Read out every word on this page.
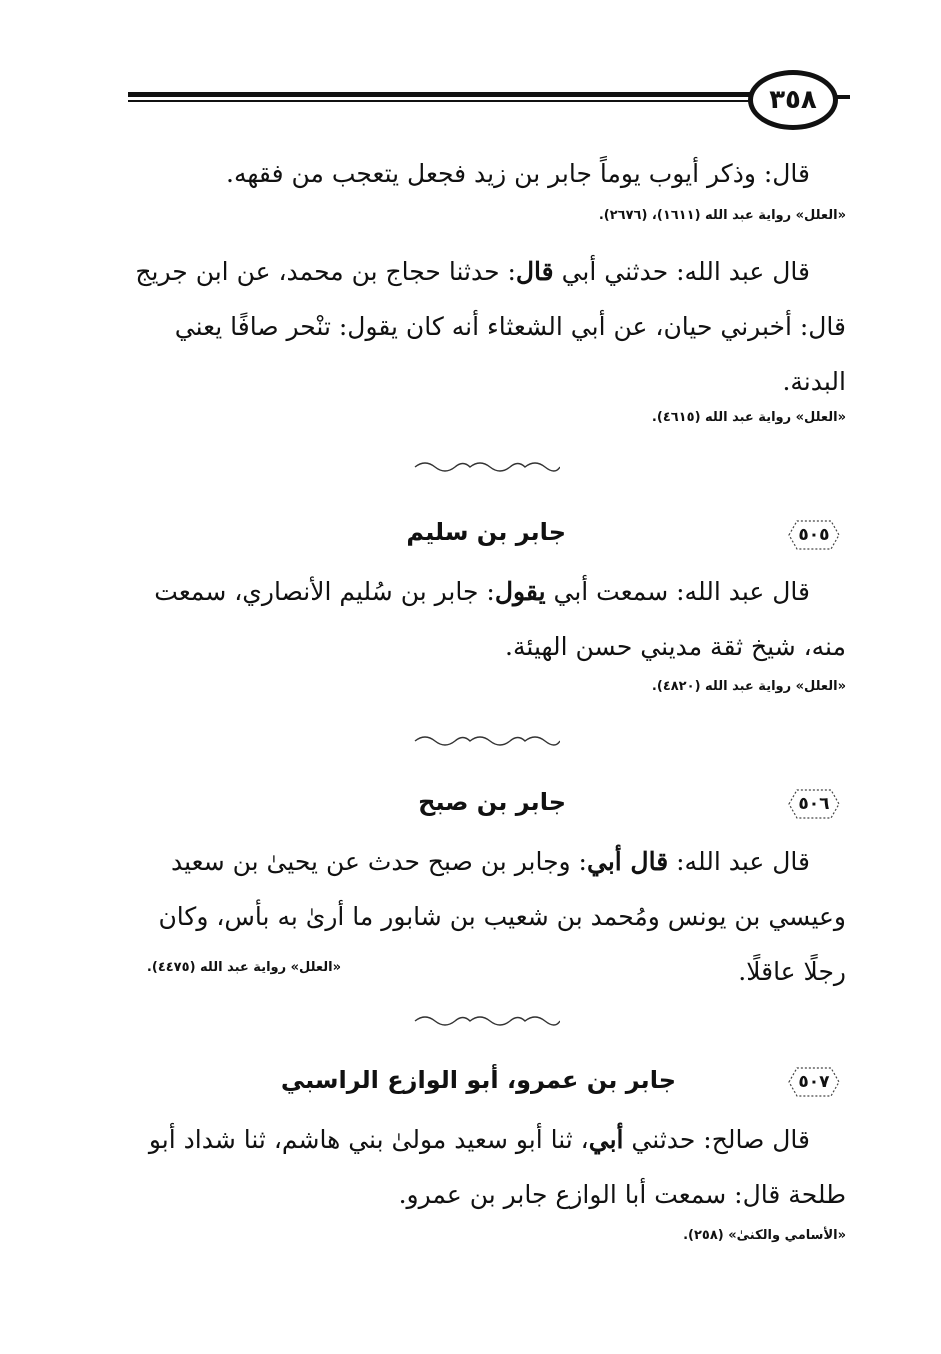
٣٥٨
قال: وذكر أيوب يوماً جابر بن زيد فجعل يتعجب من فقهه.
«العلل» رواية عبد الله (١٦١١)، (٢٦٧٦).
قال عبد الله: حدثني أبي قال: حدثنا حجاج بن محمد، عن ابن جريج قال: أخبرني حيان، عن أبي الشعثاء أنه كان يقول: تنْحر صافًا يعني البدنة.
«العلل» رواية عبد الله (٤٦١٥).
٥٠٥
جابر بن سليم
قال عبد الله: سمعت أبي يقول: جابر بن سُليم الأنصاري، سمعت منه، شيخ ثقة مديني حسن الهيئة.
«العلل» رواية عبد الله (٤٨٢٠).
٥٠٦
جابر بن صبح
قال عبد الله: قال أبي: وجابر بن صبح حدث عن يحيىٰ بن سعيد وعيسي بن يونس ومُحمد بن شعيب بن شابور ما أرىٰ به بأس، وكان رجلًا عاقلًا.
«العلل» رواية عبد الله (٤٤٧٥).
٥٠٧
جابر بن عمرو، أبو الوازع الراسبي
قال صالح: حدثني أبي، ثنا أبو سعيد مولىٰ بني هاشم، ثنا شداد أبو طلحة قال: سمعت أبا الوازع جابر بن عمرو.
«الأسامي والكنىٰ» (٢٥٨).
